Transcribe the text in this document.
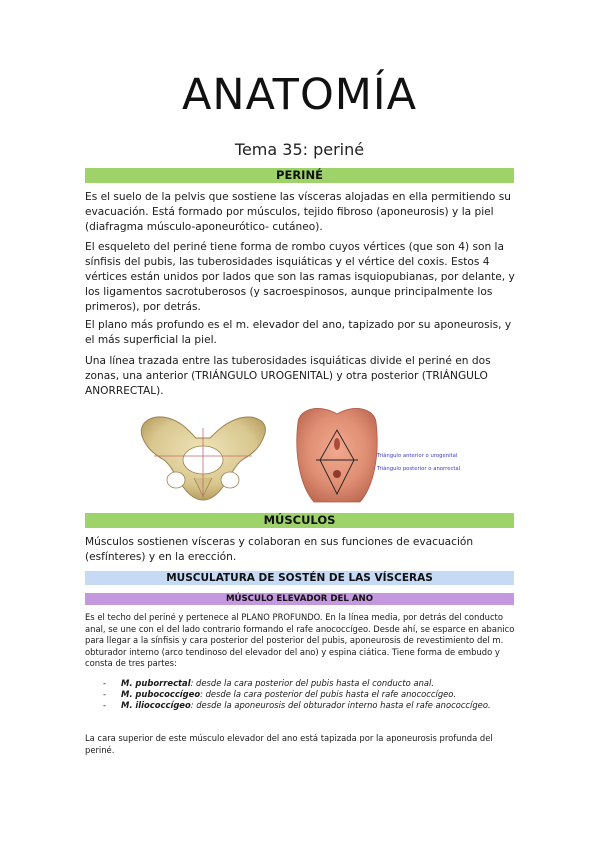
ANATOMÍA
Tema 35: periné
PERINÉ
Es el suelo de la pelvis que sostiene las vísceras alojadas en ella permitiendo su evacuación. Está formado por músculos, tejido fibroso (aponeurosis) y la piel (diafragma músculo-aponeurótico- cutáneo).
El esqueleto del periné tiene forma de rombo cuyos vértices (que son 4) son la sínfisis del pubis, las tuberosidades isquiáticas y el vértice del coxis. Estos 4 vértices están unidos por lados que son las ramas isquiopubianas, por delante, y los ligamentos sacrotuberosos (y sacroespinosos, aunque principalmente los primeros), por detrás.
El plano más profundo es el m. elevador del ano, tapizado por su aponeurosis, y el más superficial la piel.
Una línea trazada entre las tuberosidades isquiáticas divide el periné en dos zonas, una anterior (TRIÁNGULO UROGENITAL) y otra posterior (TRIÁNGULO ANORRECTAL).
Triángulo anterior o urogenital
Triángulo posterior o anorrectal
MÚSCULOS
Músculos sostienen vísceras y colaboran en sus funciones de evacuación (esfínteres) y en la erección.
MUSCULATURA DE SOSTÉN DE LAS VÍSCERAS
MÚSCULO ELEVADOR DEL ANO
Es el techo del periné y pertenece al PLANO PROFUNDO. En la línea media, por detrás del conducto anal, se une con el del lado contrario formando el rafe anococcígeo. Desde ahí, se esparce en abanico para llegar a la sínfisis y cara posterior del posterior del pubis, aponeurosis de revestimiento del m. obturador interno (arco tendinoso del elevador del ano) y espina ciática. Tiene forma de embudo y consta de tres partes:
- M. puborrectal: desde la cara posterior del pubis hasta el conducto anal.
- M. pubococcígeo: desde la cara posterior del pubis hasta el rafe anococcígeo.
- M. iliococcígeo: desde la aponeurosis del obturador interno hasta el rafe anococcígeo.
La cara superior de este músculo elevador del ano está tapizada por la aponeurosis profunda del periné.
